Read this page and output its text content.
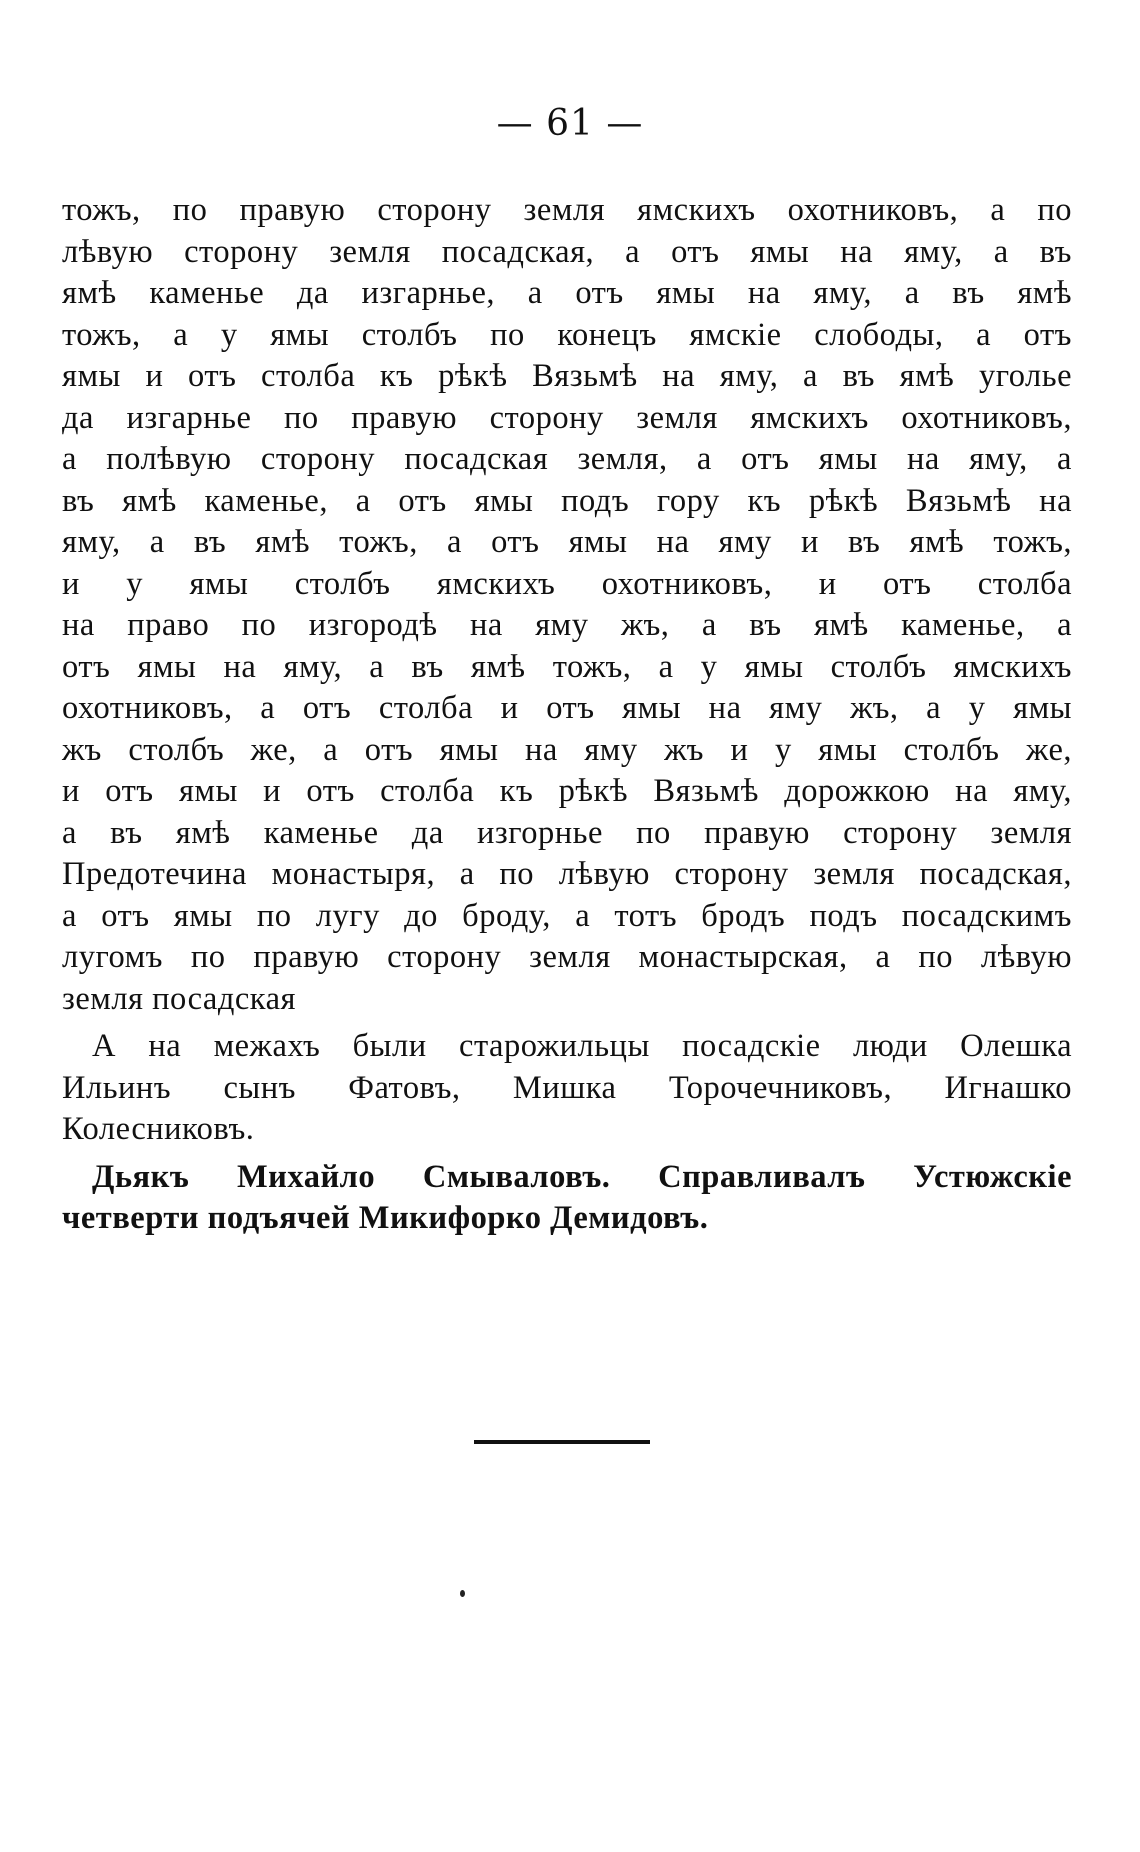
— 61 —
тожъ, по правую сторону земля ямскихъ охотниковъ, а по
лѣвую сторону земля посадская, а отъ ямы на яму, а въ
ямѣ каменье да изгарнье, а отъ ямы на яму, а въ ямѣ
тожъ, а у ямы столбъ по конецъ ямскіе слободы, а отъ
ямы и отъ столба къ рѣкѣ Вязьмѣ на яму, а въ ямѣ уголье
да изгарнье по правую сторону земля ямскихъ охотниковъ,
а полѣвую сторону посадская земля, а отъ ямы на яму, а
въ ямѣ каменье, а отъ ямы подъ гору къ рѣкѣ Вязьмѣ на
яму, а въ ямѣ тожъ, а отъ ямы на яму и въ ямѣ тожъ,
и у ямы столбъ ямскихъ охотниковъ, и отъ столба
на право по изгородѣ на яму жъ, а въ ямѣ каменье, а
отъ ямы на яму, а въ ямѣ тожъ, а у ямы столбъ ямскихъ
охотниковъ, а отъ столба и отъ ямы на яму жъ, а у ямы
жъ столбъ же, а отъ ямы на яму жъ и у ямы столбъ же,
и отъ ямы и отъ столба къ рѣкѣ Вязьмѣ дорожкою на яму,
а въ ямѣ каменье да изгорнье по правую сторону земля
Предотечина монастыря, а по лѣвую сторону земля посадская,
а отъ ямы по лугу до броду, а тотъ бродъ подъ посадскимъ
лугомъ по правую сторону земля монастырская, а по лѣвую
земля посадская
А на межахъ были старожильцы посадскіе люди Олешка
Ильинъ сынъ Фатовъ, Мишка Торочечниковъ, Игнашко
Колесниковъ.
Дьякъ Михайло Смываловъ. Справливалъ Устюжскіе
четверти подъячей Микифорко Демидовъ.
